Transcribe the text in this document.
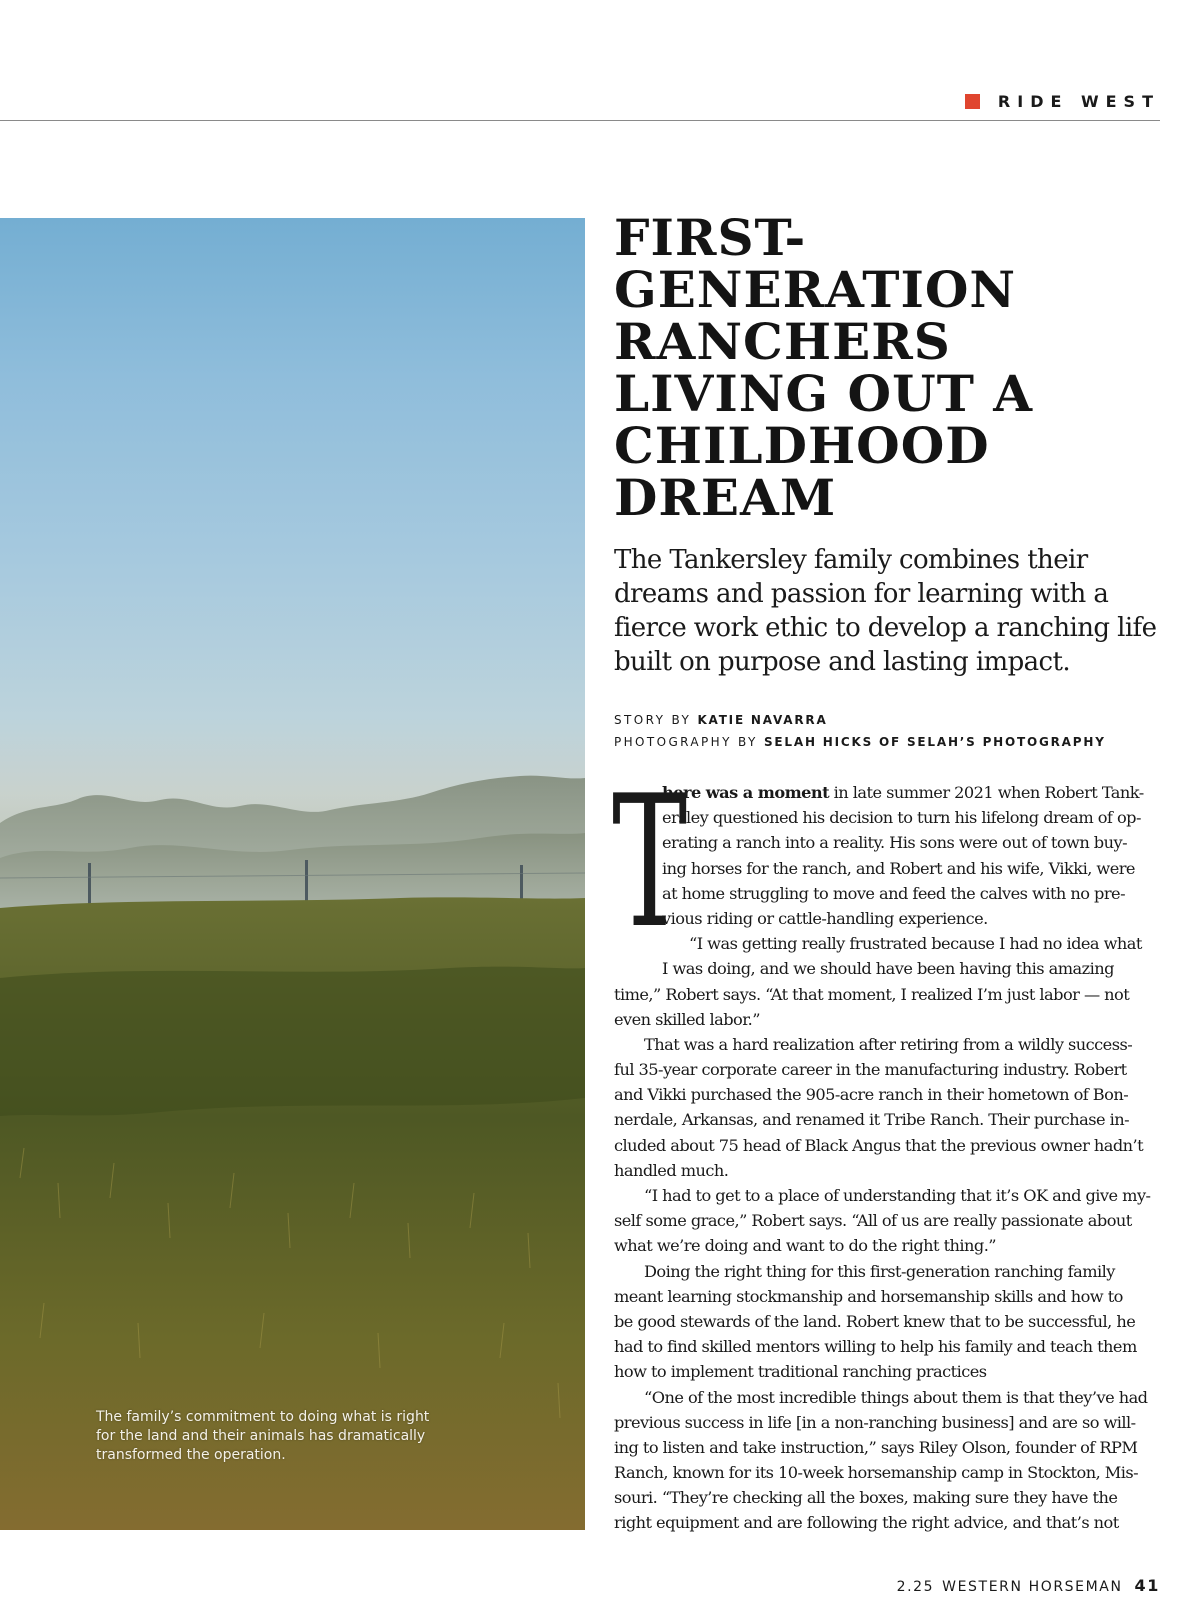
RIDE WEST
The family’s commitment to doing what is right for the land and their animals has dramatically transformed the operation.
FIRST-
GENERATION
RANCHERS
LIVING OUT A
CHILDHOOD
DREAM
The Tankersley family combines their
dreams and passion for learning with a
fierce work ethic to develop a ranching life
built on purpose and lasting impact.
STORY BY KATIE NAVARRA
PHOTOGRAPHY BY SELAH HICKS OF SELAH’S PHOTOGRAPHY
T
here was a moment in late summer 2021 when Robert Tank-
ersley questioned his decision to turn his lifelong dream of op-
erating a ranch into a reality. His sons were out of town buy-
ing horses for the ranch, and Robert and his wife, Vikki, were
at home struggling to move and feed the calves with no pre-
vious riding or cattle-handling experience.
“I was getting really frustrated because I had no idea what
I was doing, and we should have been having this amazing
time,” Robert says. “At that moment, I realized I’m just labor — not
even skilled labor.”
That was a hard realization after retiring from a wildly success-
ful 35-year corporate career in the manufacturing industry. Robert
and Vikki purchased the 905-acre ranch in their hometown of Bon-
nerdale, Arkansas, and renamed it Tribe Ranch. Their purchase in-
cluded about 75 head of Black Angus that the previous owner hadn’t
handled much.
“I had to get to a place of understanding that it’s OK and give my-
self some grace,” Robert says. “All of us are really passionate about
what we’re doing and want to do the right thing.”
Doing the right thing for this first-generation ranching family
meant learning stockmanship and horsemanship skills and how to
be good stewards of the land. Robert knew that to be successful, he
had to find skilled mentors willing to help his family and teach them
how to implement traditional ranching practices
“One of the most incredible things about them is that they’ve had
previous success in life [in a non-ranching business] and are so will-
ing to listen and take instruction,” says Riley Olson, founder of RPM
Ranch, known for its 10-week horsemanship camp in Stockton, Mis-
souri. “They’re checking all the boxes, making sure they have the
right equipment and are following the right advice, and that’s not
2.25 WESTERN HORSEMAN 41
